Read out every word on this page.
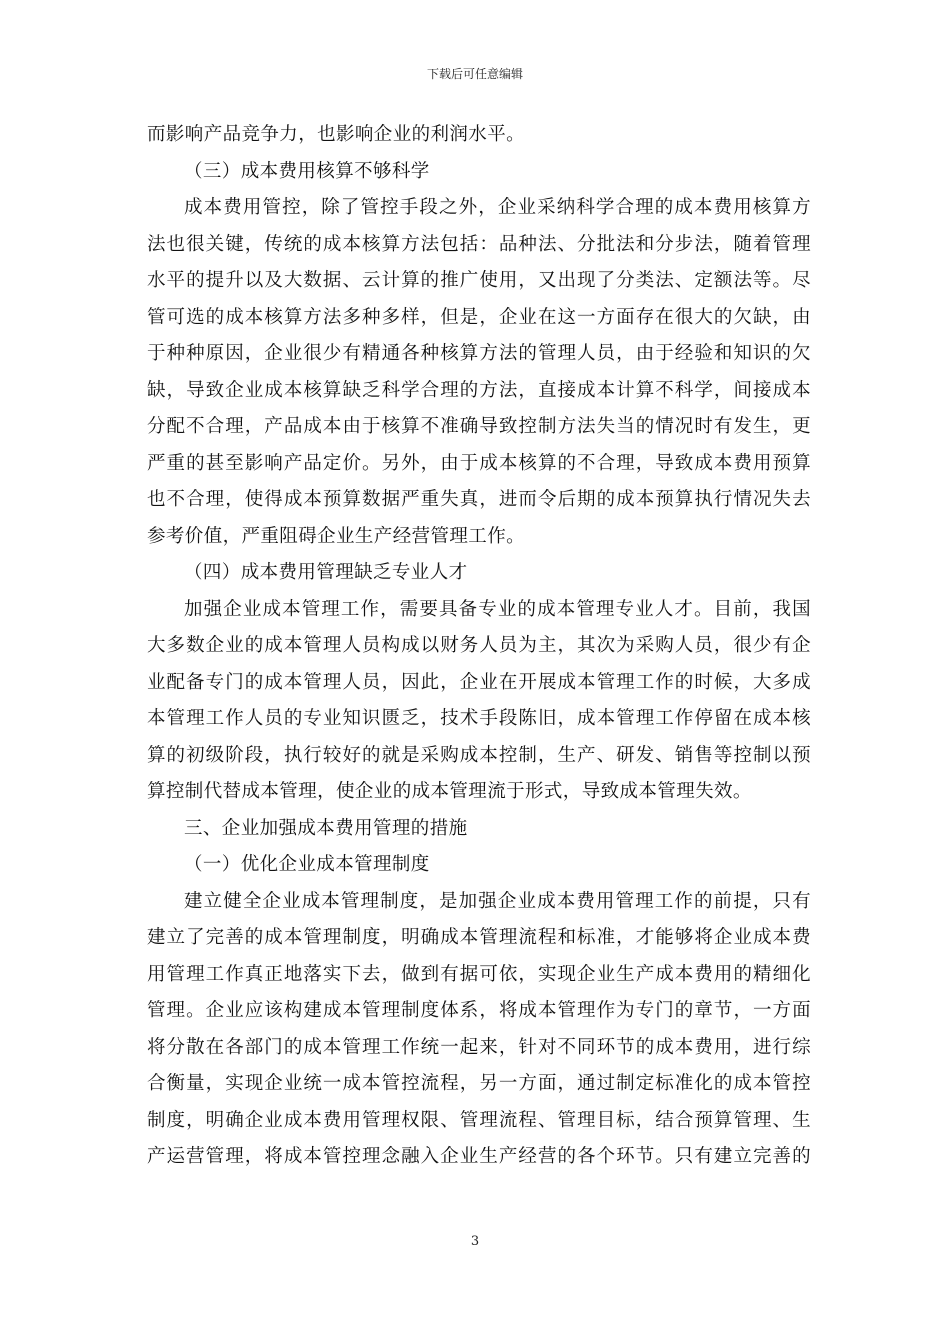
下载后可任意编辑
而影响产品竞争力，也影响企业的利润水平。
（三）成本费用核算不够科学
成本费用管控，除了管控手段之外，企业采纳科学合理的成本费用核算方
法也很关键，传统的成本核算方法包括：品种法、分批法和分步法，随着管理
水平的提升以及大数据、云计算的推广使用，又出现了分类法、定额法等。尽
管可选的成本核算方法多种多样，但是，企业在这一方面存在很大的欠缺，由
于种种原因，企业很少有精通各种核算方法的管理人员，由于经验和知识的欠
缺，导致企业成本核算缺乏科学合理的方法，直接成本计算不科学，间接成本
分配不合理，产品成本由于核算不准确导致控制方法失当的情况时有发生，更
严重的甚至影响产品定价。另外，由于成本核算的不合理，导致成本费用预算
也不合理，使得成本预算数据严重失真，进而令后期的成本预算执行情况失去
参考价值，严重阻碍企业生产经营管理工作。
（四）成本费用管理缺乏专业人才
加强企业成本管理工作，需要具备专业的成本管理专业人才。目前，我国
大多数企业的成本管理人员构成以财务人员为主，其次为采购人员，很少有企
业配备专门的成本管理人员，因此，企业在开展成本管理工作的时候，大多成
本管理工作人员的专业知识匮乏，技术手段陈旧，成本管理工作停留在成本核
算的初级阶段，执行较好的就是采购成本控制，生产、研发、销售等控制以预
算控制代替成本管理，使企业的成本管理流于形式，导致成本管理失效。
三、企业加强成本费用管理的措施
（一）优化企业成本管理制度
建立健全企业成本管理制度，是加强企业成本费用管理工作的前提，只有
建立了完善的成本管理制度，明确成本管理流程和标准，才能够将企业成本费
用管理工作真正地落实下去，做到有据可依，实现企业生产成本费用的精细化
管理。企业应该构建成本管理制度体系，将成本管理作为专门的章节，一方面
将分散在各部门的成本管理工作统一起来，针对不同环节的成本费用，进行综
合衡量，实现企业统一成本管控流程，另一方面，通过制定标准化的成本管控
制度，明确企业成本费用管理权限、管理流程、管理目标，结合预算管理、生
产运营管理，将成本管控理念融入企业生产经营的各个环节。只有建立完善的
3
